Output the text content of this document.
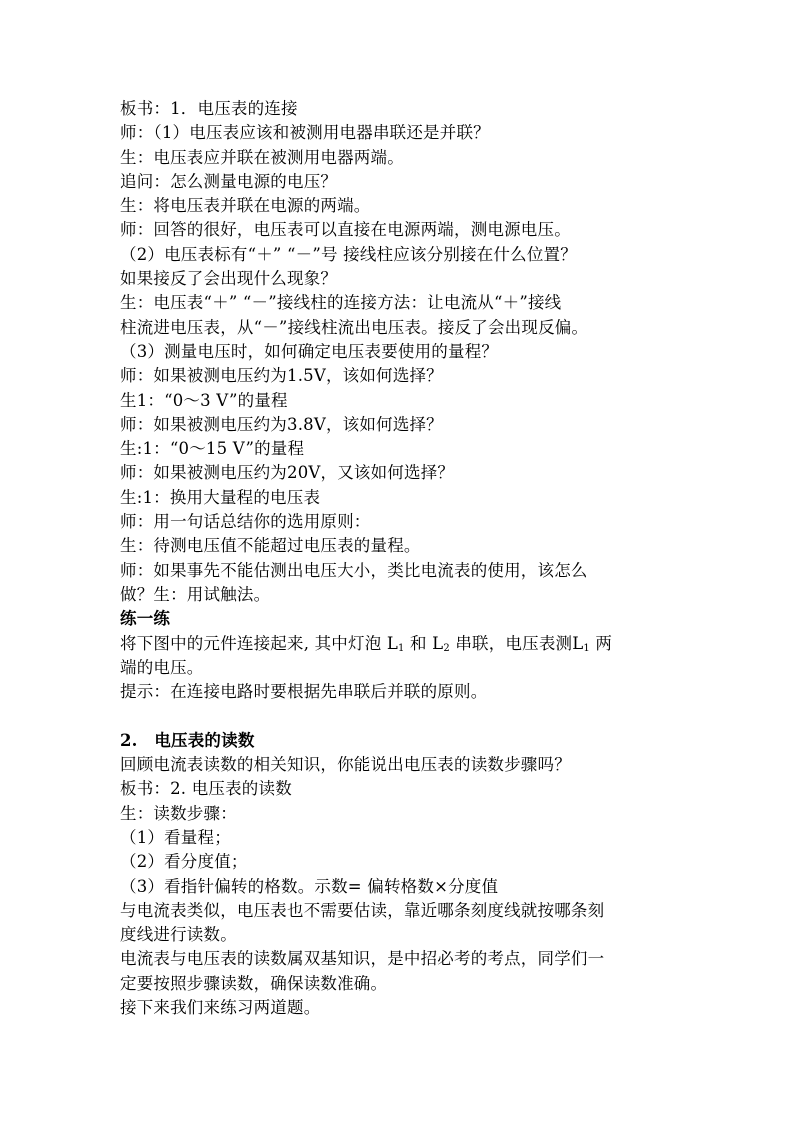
板书：1．电压表的连接
师：（1）电压表应该和被测用电器串联还是并联？
生：电压表应并联在被测用电器两端。
追问：怎么测量电源的电压？
生：将电压表并联在电源的两端。
师：回答的很好，电压表可以直接在电源两端，测电源电压。
（2）电压表标有“＋” “－”号 接线柱应该分别接在什么位置？
如果接反了会出现什么现象？
生：电压表“＋” “－”接线柱的连接方法：让电流从“＋”接线
柱流进电压表，从“－”接线柱流出电压表。接反了会出现反偏。
（3）测量电压时，如何确定电压表要使用的量程？
师：如果被测电压约为1.5V，该如何选择？
生1：“0～3 V”的量程
师：如果被测电压约为3.8V，该如何选择？
生:1：“0～15 V”的量程
师：如果被测电压约为20V，又该如何选择？
生:1：换用大量程的电压表
师：用一句话总结你的选用原则：
生：待测电压值不能超过电压表的量程。
师：如果事先不能估测出电压大小，类比电流表的使用，该怎么
做？生：用试触法。
练一练
将下图中的元件连接起来, 其中灯泡 $L_1$ 和 $L_2$ 串联，电压表测$L_1$ 两
端的电压。
提示：在连接电路时要根据先串联后并联的原则。
2.　电压表的读数
回顾电流表读数的相关知识，你能说出电压表的读数步骤吗？
板书：2. 电压表的读数
生：读数步骤：
（1）看量程；
（2）看分度值；
（3）看指针偏转的格数。示数= 偏转格数×分度值
与电流表类似，电压表也不需要估读，靠近哪条刻度线就按哪条刻
度线进行读数。
电流表与电压表的读数属双基知识，是中招必考的考点，同学们一
定要按照步骤读数，确保读数准确。
接下来我们来练习两道题。
